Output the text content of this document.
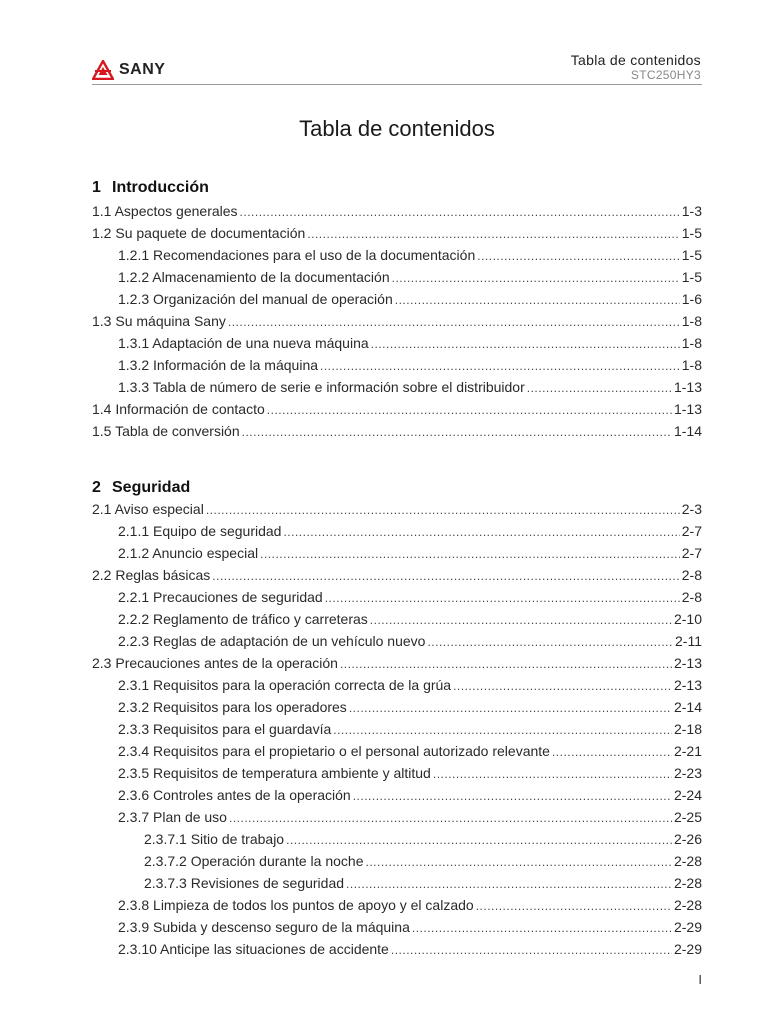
SANY
Tabla de contenidos
STC250HY3
Tabla de contenidos
1 Introducción
1.1 Aspectos generales .....	1-3
1.2 Su paquete de documentación .....	1-5
1.2.1 Recomendaciones para el uso de la documentación .....	1-5
1.2.2 Almacenamiento de la documentación .....	1-5
1.2.3 Organización del manual de operación .....	1-6
1.3 Su máquina Sany .....	1-8
1.3.1 Adaptación de una nueva máquina .....	1-8
1.3.2 Información de la máquina .....	1-8
1.3.3 Tabla de número de serie e información sobre el distribuidor .....	1-13
1.4 Información de contacto .....	1-13
1.5 Tabla de conversión .....	1-14
2 Seguridad
2.1 Aviso especial .....	2-3
2.1.1 Equipo de seguridad .....	2-7
2.1.2 Anuncio especial .....	2-7
2.2 Reglas básicas .....	2-8
2.2.1 Precauciones de seguridad .....	2-8
2.2.2 Reglamento de tráfico y carreteras .....	2-10
2.2.3 Reglas de adaptación de un vehículo nuevo .....	2-11
2.3 Precauciones antes de la operación .....	2-13
2.3.1 Requisitos para la operación correcta de la grúa .....	2-13
2.3.2 Requisitos para los operadores .....	2-14
2.3.3 Requisitos para el guardavía .....	2-18
2.3.4 Requisitos para el propietario o el personal autorizado relevante .....	2-21
2.3.5 Requisitos de temperatura ambiente y altitud .....	2-23
2.3.6 Controles antes de la operación .....	2-24
2.3.7 Plan de uso .....	2-25
2.3.7.1 Sitio de trabajo .....	2-26
2.3.7.2 Operación durante la noche .....	2-28
2.3.7.3 Revisiones de seguridad .....	2-28
2.3.8 Limpieza de todos los puntos de apoyo y el calzado .....	2-28
2.3.9 Subida y descenso seguro de la máquina .....	2-29
2.3.10 Anticipe las situaciones de accidente .....	2-29
I
